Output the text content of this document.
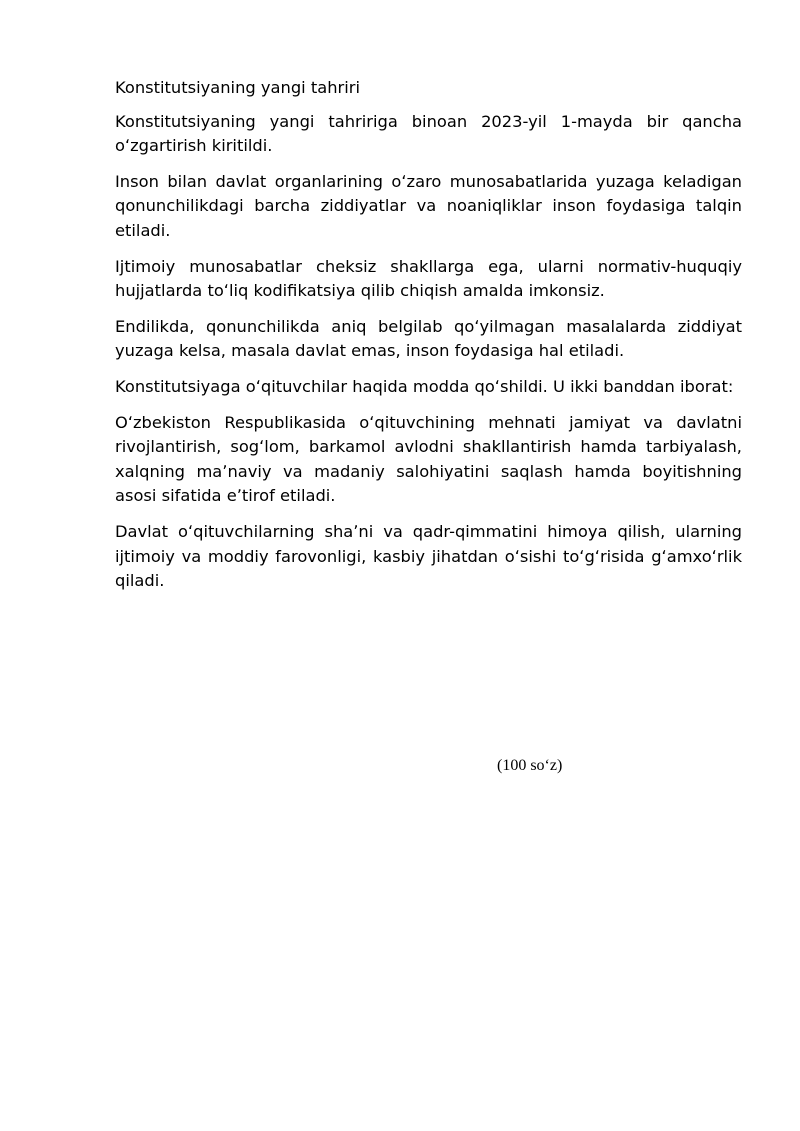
Konstitutsiyaning yangi tahriri

Konstitutsiyaning yangi tahririga binoan 2023-yil 1-mayda bir qancha oʻzgartirish kiritildi.

Inson bilan davlat organlarining oʻzaro munosabatlarida yuzaga keladigan qonunchilikdagi barcha ziddiyatlar va noaniqliklar inson foydasiga talqin etiladi.

Ijtimoiy munosabatlar cheksiz shakllarga ega, ularni normativ-huquqiy hujjatlarda toʻliq kodifikatsiya qilib chiqish amalda imkonsiz.

Endilikda, qonunchilikda aniq belgilab qoʻyilmagan masalalarda ziddiyat yuzaga kelsa, masala davlat emas, inson foydasiga hal etiladi.

Konstitutsiyaga oʻqituvchilar haqida modda qoʻshildi. U ikki banddan iborat:

Oʻzbekiston Respublikasida oʻqituvchining mehnati jamiyat va davlatni rivojlantirish, sogʻlom, barkamol avlodni shakllantirish hamda tarbiyalash, xalqning maʼnaviy va madaniy salohiyatini saqlash hamda boyitishning asosi sifatida eʼtirof etiladi.

Davlat oʻqituvchilarning shaʼni va qadr-qimmatini himoya qilish, ularning ijtimoiy va moddiy farovonligi, kasbiy jihatdan oʻsishi toʻgʻrisida gʻamxoʻrlik qiladi.

(100 so‘z)
